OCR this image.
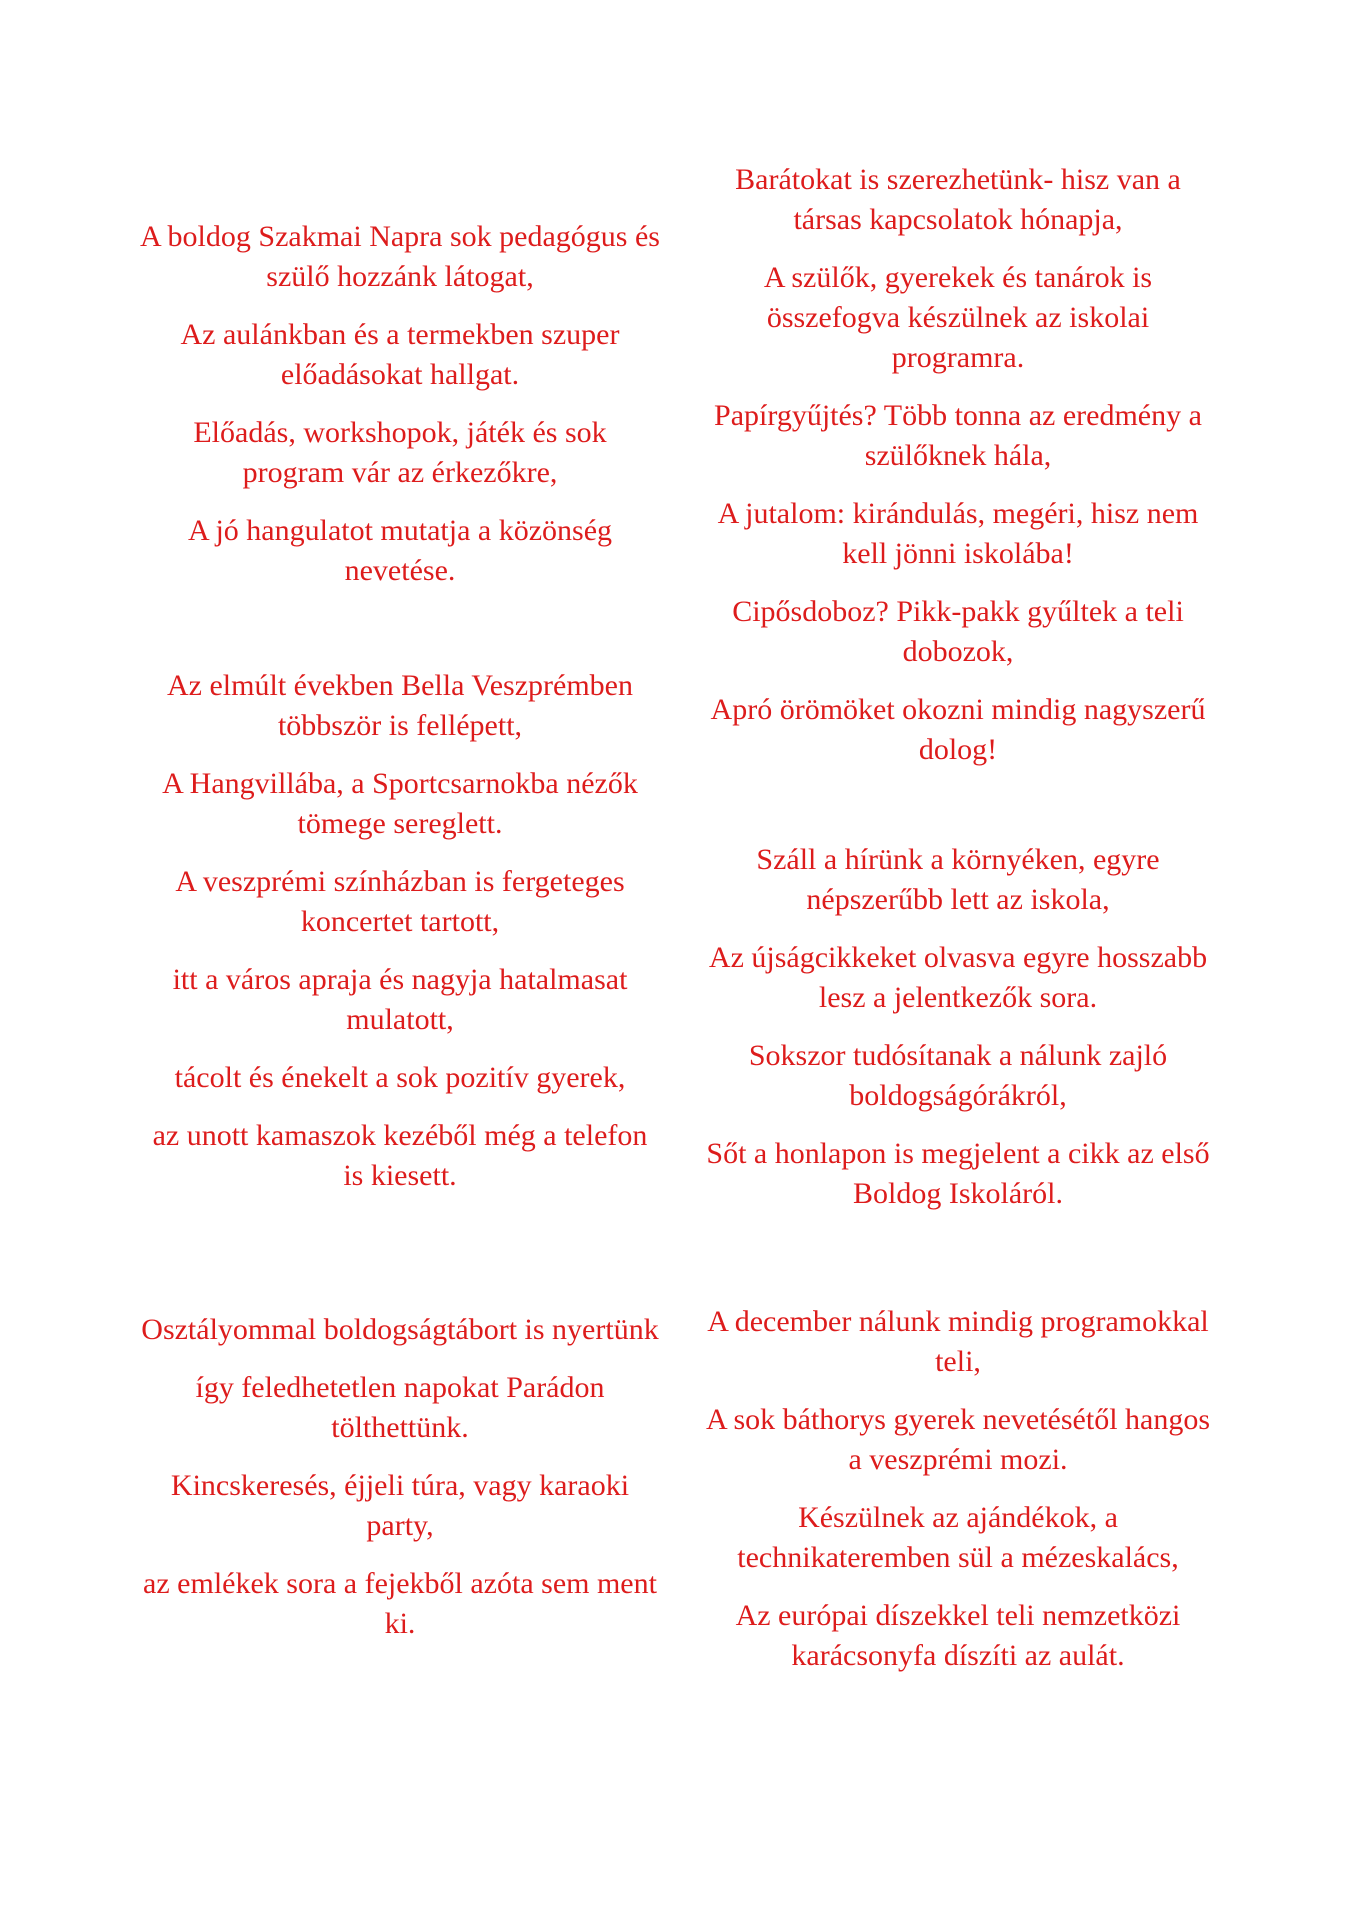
A boldog Szakmai Napra sok pedagógus és szülő hozzánk látogat,

Az aulánkban és a termekben szuper előadásokat hallgat.

Előadás, workshopok, játék és sok program vár az érkezőkre,

A jó hangulatot mutatja a közönség nevetése.

Az elmúlt években Bella Veszprémben többször is fellépett,

A Hangvillába, a Sportcsarnokba nézők tömege sereglett.

A veszprémi színházban is fergeteges koncertet tartott,

itt a város apraja és nagyja hatalmasat mulatott,

tácolt és énekelt a sok pozitív gyerek,

az unott kamaszok kezéből még a telefon is kiesett.

Osztályommal boldogságtábort is nyertünk

így feledhetetlen napokat Parádon tölthettünk.

Kincskeresés, éjjeli túra, vagy karaoki party,

az emlékek sora a fejekből azóta sem ment ki.

Barátokat is szerezhetünk- hisz van a társas kapcsolatok hónapja,

A szülők, gyerekek és tanárok is összefogva készülnek az iskolai programra.

Papírgyűjtés? Több tonna az eredmény a szülőknek hála,

A jutalom: kirándulás, megéri, hisz nem kell jönni iskolába!

Cipősdoboz? Pikk-pakk gyűltek a teli dobozok,

Apró örömöket okozni mindig nagyszerű dolog!

Száll a hírünk a környéken, egyre népszerűbb lett az iskola,

Az újságcikkeket olvasva egyre hosszabb lesz a jelentkezők sora.

Sokszor tudósítanak a nálunk zajló boldogságórákról,

Sőt a honlapon is megjelent a cikk az első Boldog Iskoláról.

A december nálunk mindig programokkal teli,

A sok báthorys gyerek nevetésétől hangos a veszprémi mozi.

Készülnek az ajándékok, a technikateremben sül a mézeskalács,

Az európai díszekkel teli nemzetközi karácsonyfa díszíti az aulát.
